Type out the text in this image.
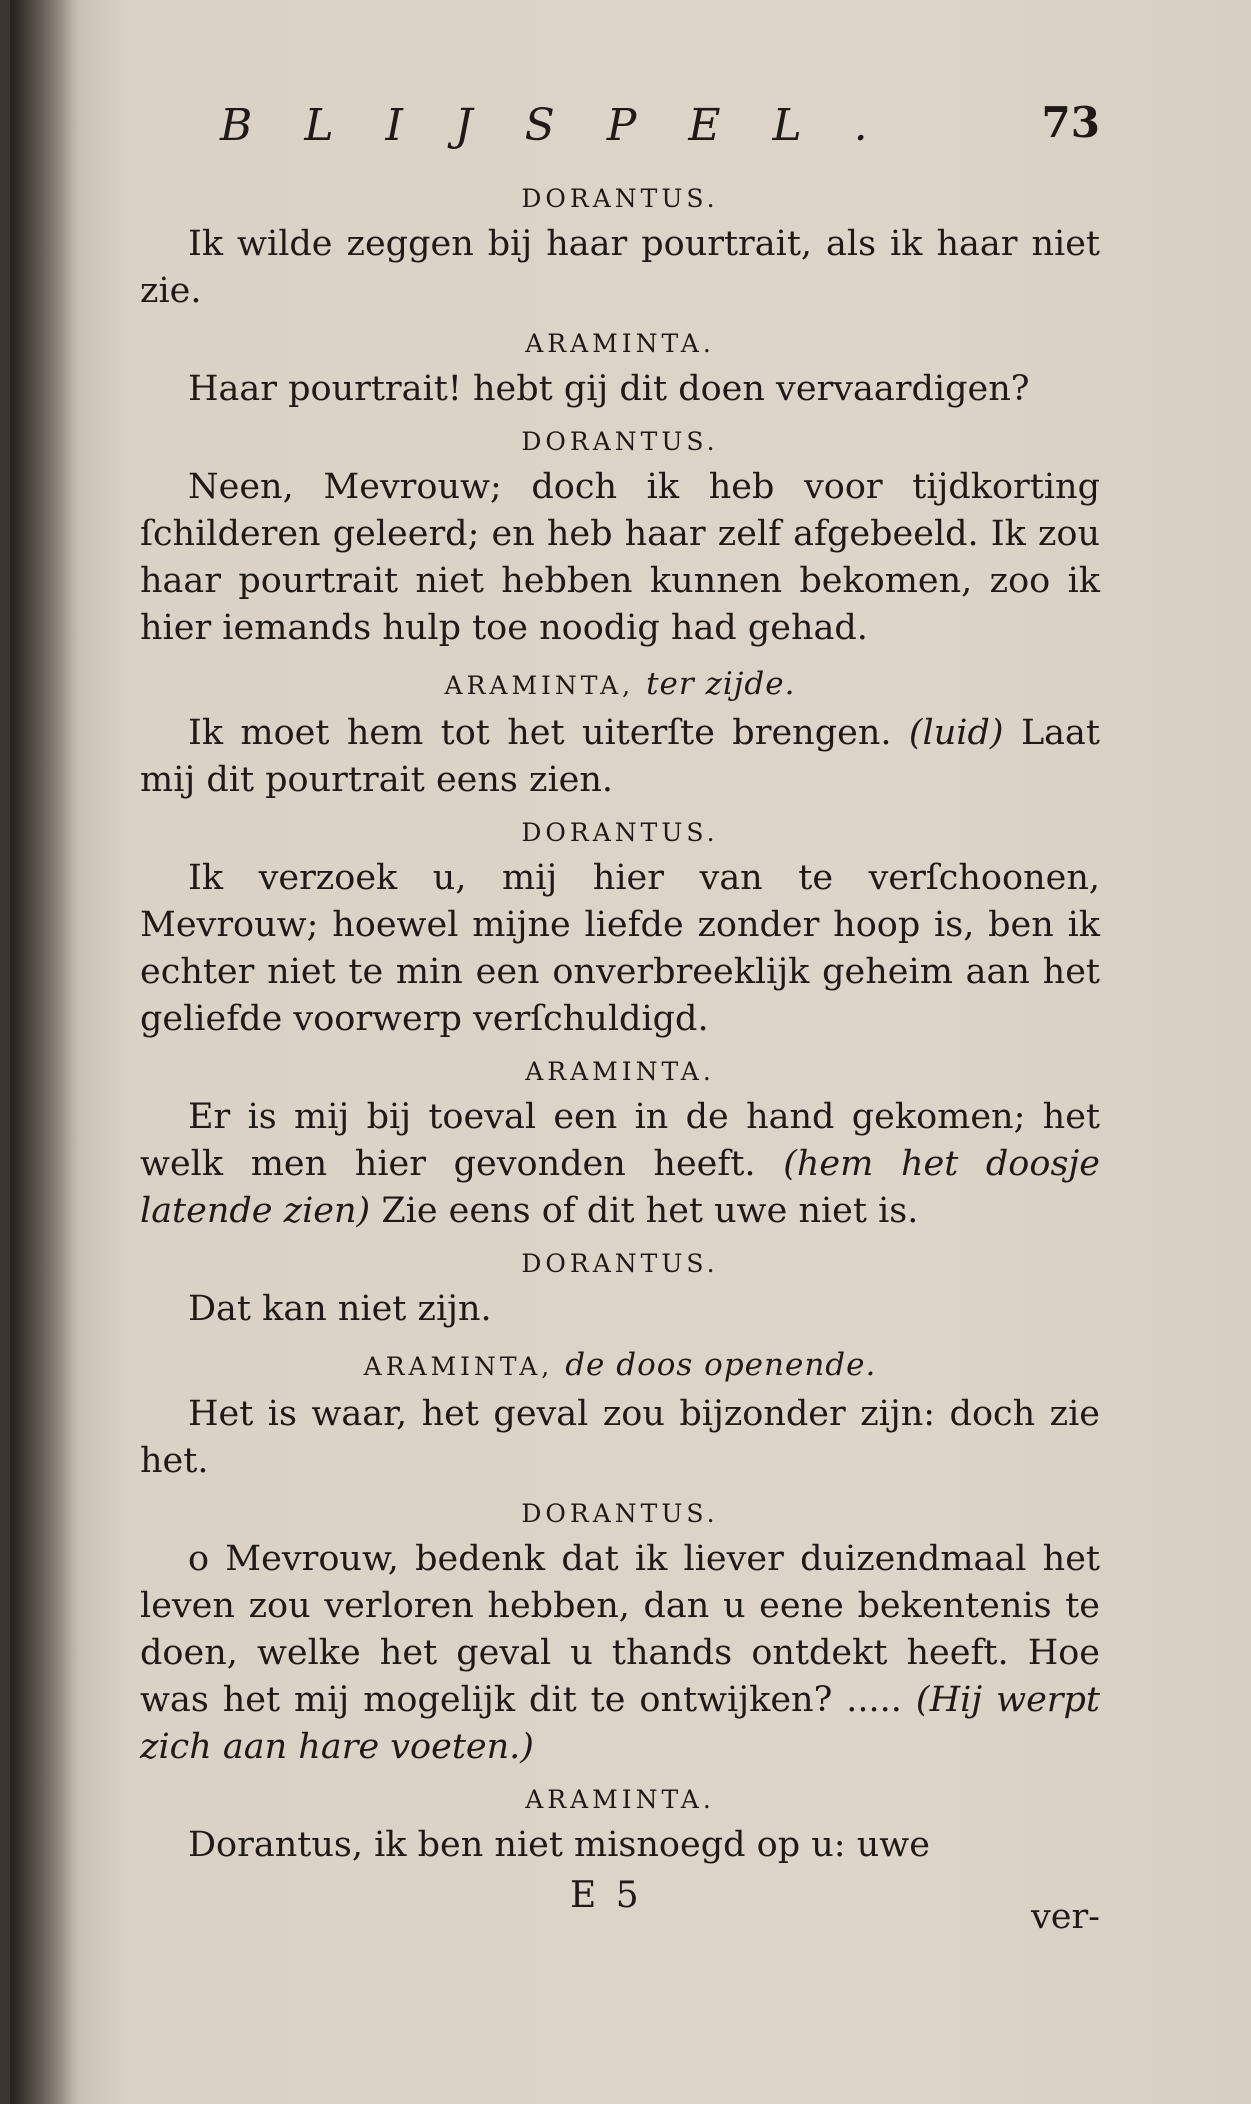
BLIJSPEL.	73
DORANTUS.

Ik wilde zeggen bij haar pourtrait, als ik haar niet zie.

ARAMINTA.

Haar pourtrait! hebt gij dit doen vervaardigen?

DORANTUS.

Neen, Mevrouw; doch ik heb voor tijdkorting ſchilderen geleerd; en heb haar zelf afgebeeld. Ik zou haar pourtrait niet hebben kunnen bekomen, zoo ik hier iemands hulp toe noodig had gehad.

ARAMINTA, ter zijde.

Ik moet hem tot het uiterſte brengen. (luid) Laat mij dit pourtrait eens zien.

DORANTUS.

Ik verzoek u, mij hier van te verſchoonen, Mevrouw; hoewel mijne liefde zonder hoop is, ben ik echter niet te min een onverbreeklijk geheim aan het geliefde voorwerp verſchuldigd.

ARAMINTA.

Er is mij bij toeval een in de hand gekomen; het welk men hier gevonden heeft. (hem het doosje latende zien) Zie eens of dit het uwe niet is.

DORANTUS.

Dat kan niet zijn.

ARAMINTA, de doos openende.

Het is waar, het geval zou bijzonder zijn: doch zie het.

DORANTUS.

o Mevrouw, bedenk dat ik liever duizendmaal het leven zou verloren hebben, dan u eene bekentenis te doen, welke het geval u thands ontdekt heeft. Hoe was het mij mogelijk dit te ontwijken? ..... (Hij werpt zich aan hare voeten.)

ARAMINTA.

Dorantus, ik ben niet misnoegd op u: uwe

E 5
ver-
